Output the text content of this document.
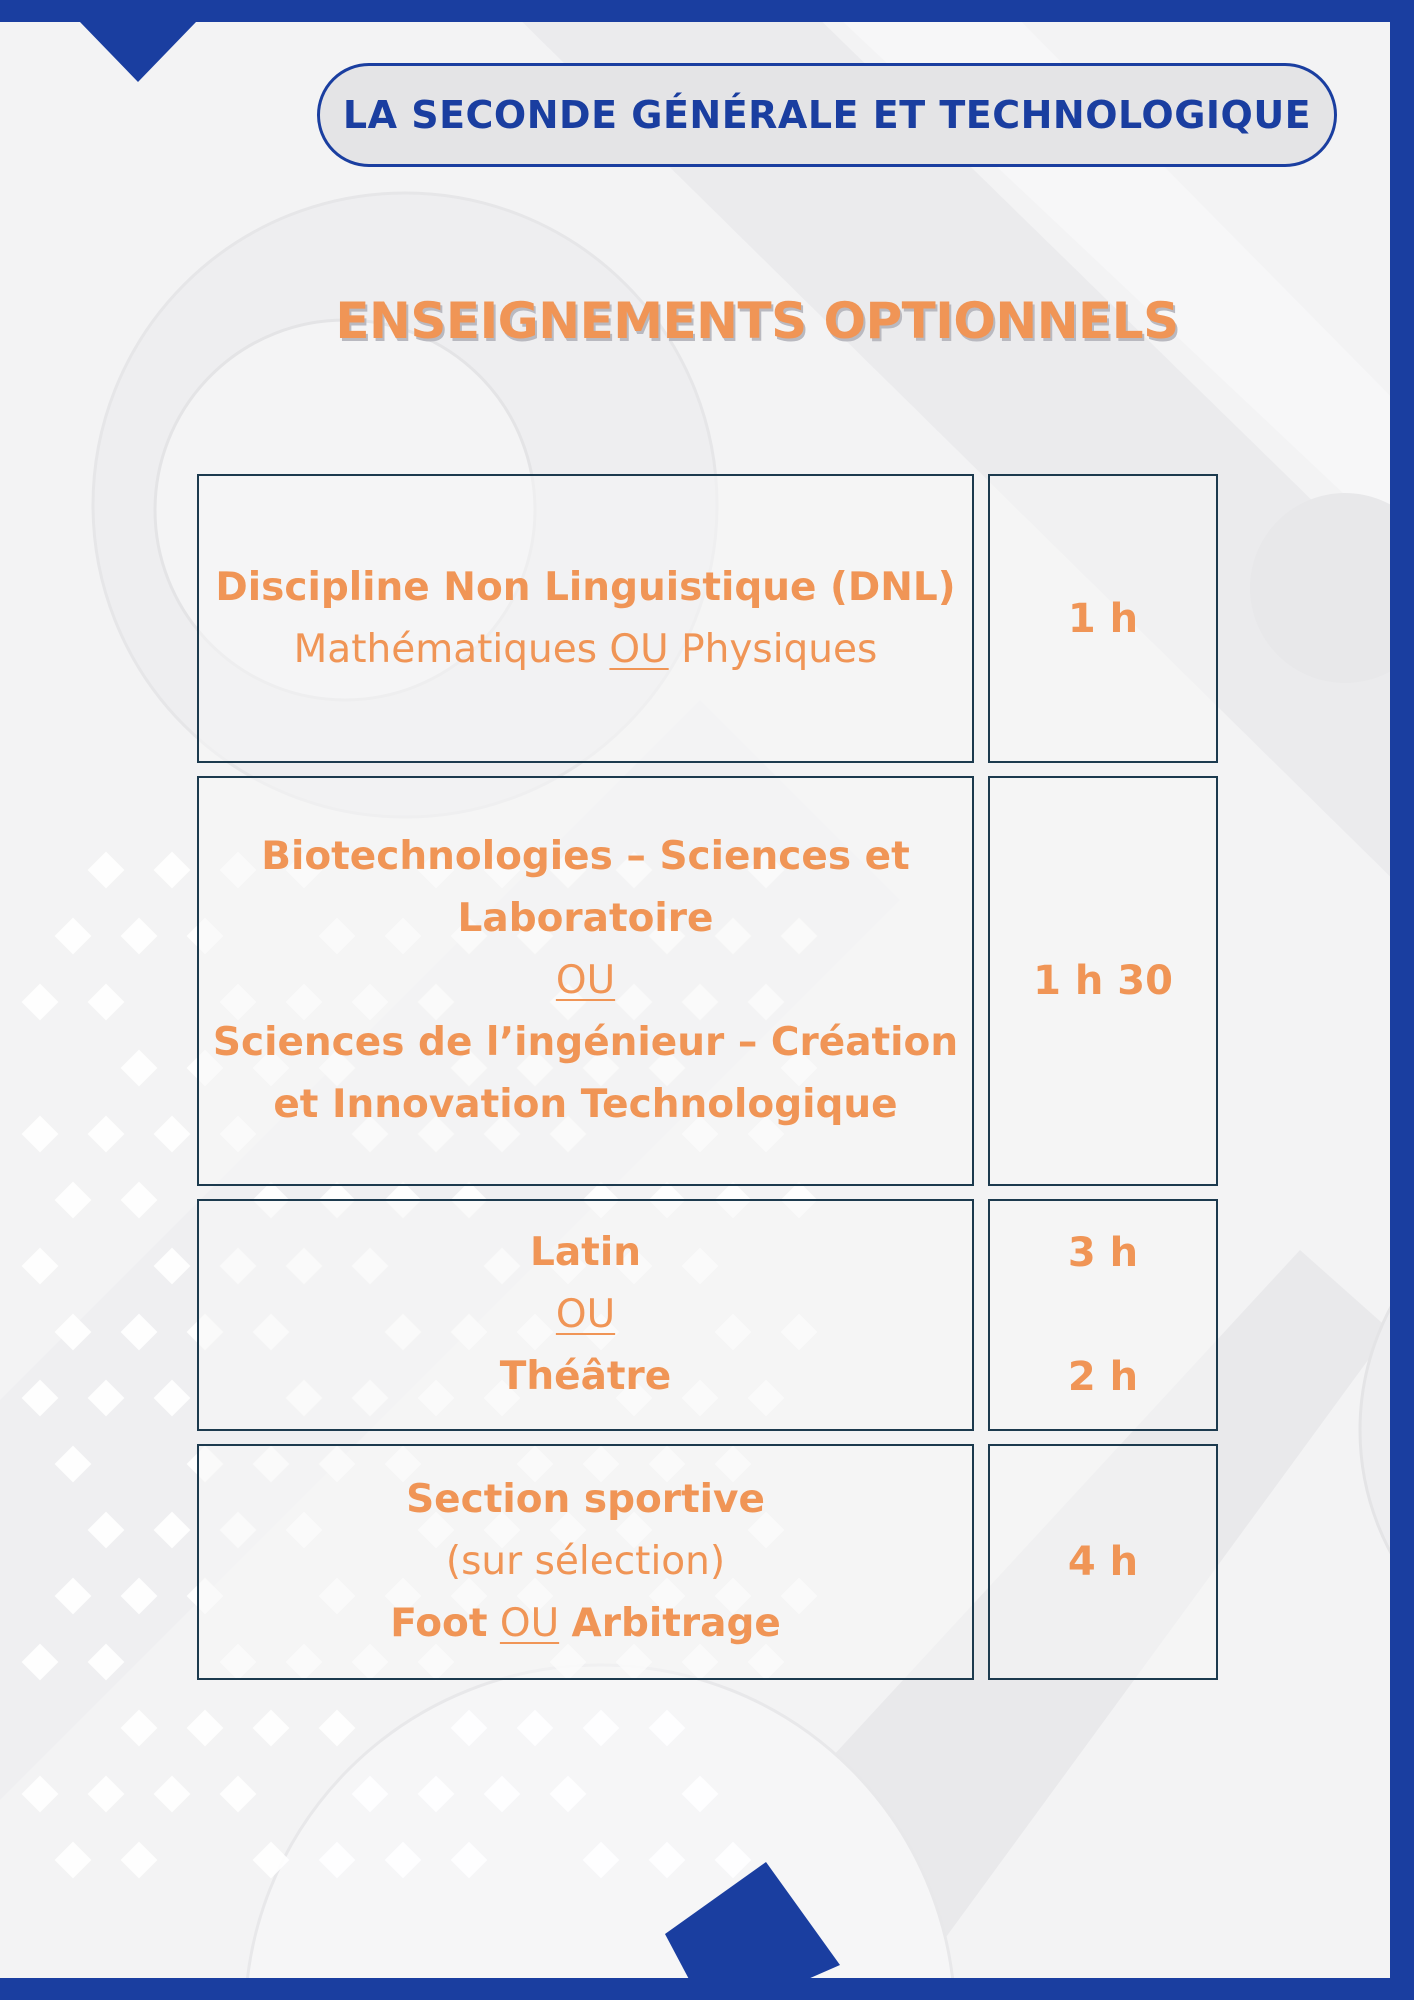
LA SECONDE GÉNÉRALE ET TECHNOLOGIQUE
ENSEIGNEMENTS OPTIONNELS
Discipline Non Linguistique (DNL)
Mathématiques OU Physiques
1 h
Biotechnologies – Sciences et
Laboratoire
OU
Sciences de l’ingénieur – Création
et Innovation Technologique
1 h 30
Latin
OU
Théâtre
3 h
2 h
Section sportive
(sur sélection)
Foot OU Arbitrage
4 h
